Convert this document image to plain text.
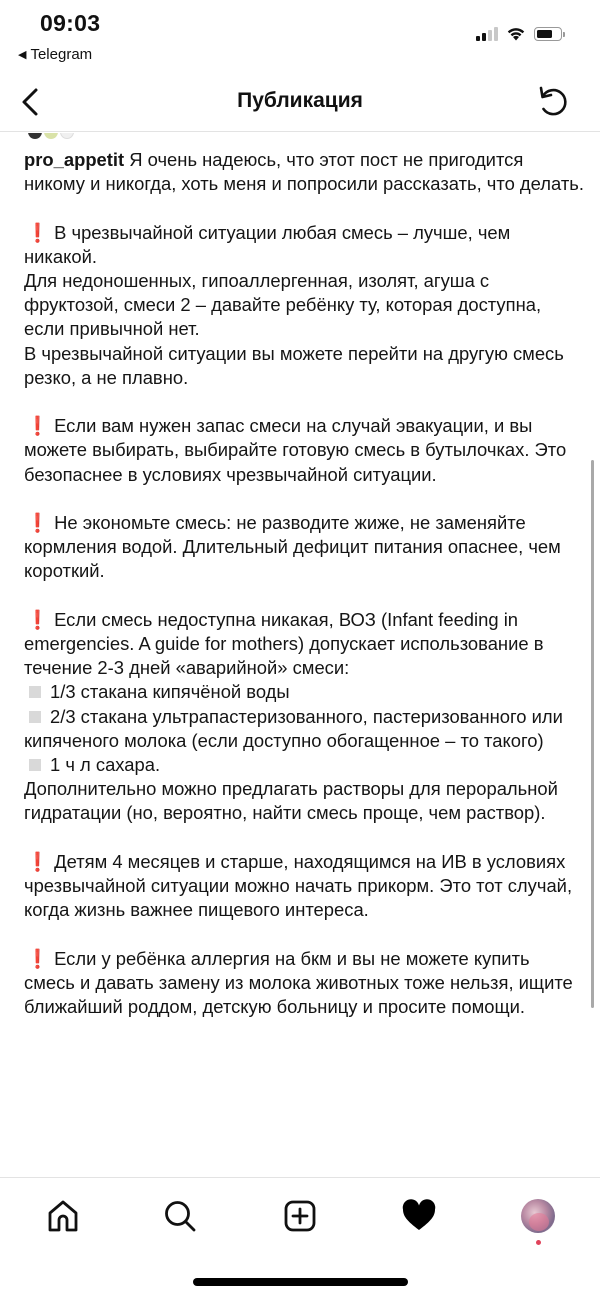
09:03
◀ Telegram
Публикация

pro_appetit Я очень надеюсь, что этот пост не пригодится никому и никогда, хоть меня и попросили рассказать, что делать.

❗ В чрезвычайной ситуации любая смесь – лучше, чем никакой.

Для недоношенных, гипоаллергенная, изолят, агуша с фруктозой, смеси 2 – давайте ребёнку ту, которая доступна, если привычной нет.

В чрезвычайной ситуации вы можете перейти на другую смесь резко, а не плавно.

❗ Если вам нужен запас смеси на случай эвакуации, и вы можете выбирать, выбирайте готовую смесь в бутылочках. Это безопаснее в условиях чрезвычайной ситуации.

❗ Не экономьте смесь: не разводите жиже, не заменяйте кормления водой. Длительный дефицит питания опаснее, чем короткий.

❗ Если смесь недоступна никакая, ВОЗ (Infant feeding in emergencies. A guide for mothers) допускает использование в течение 2-3 дней «аварийной» смеси:

1/3 стакана кипячёной воды

2/3 стакана ультрапастеризованного, пастеризованного или кипяченого молока (если доступно обогащенное – то такого)

1 ч л сахара.

Дополнительно можно предлагать растворы для пероральной гидратации (но, вероятно, найти смесь проще, чем раствор).

❗ Детям 4 месяцев и старше, находящимся на ИВ в условиях чрезвычайной ситуации можно начать прикорм. Это тот случай, когда жизнь важнее пищевого интереса.

❗ Если у ребёнка аллергия на бкм и вы не можете купить смесь и давать замену из молока животных тоже нельзя, ищите ближайший роддом, детскую больницу и просите помощи.
